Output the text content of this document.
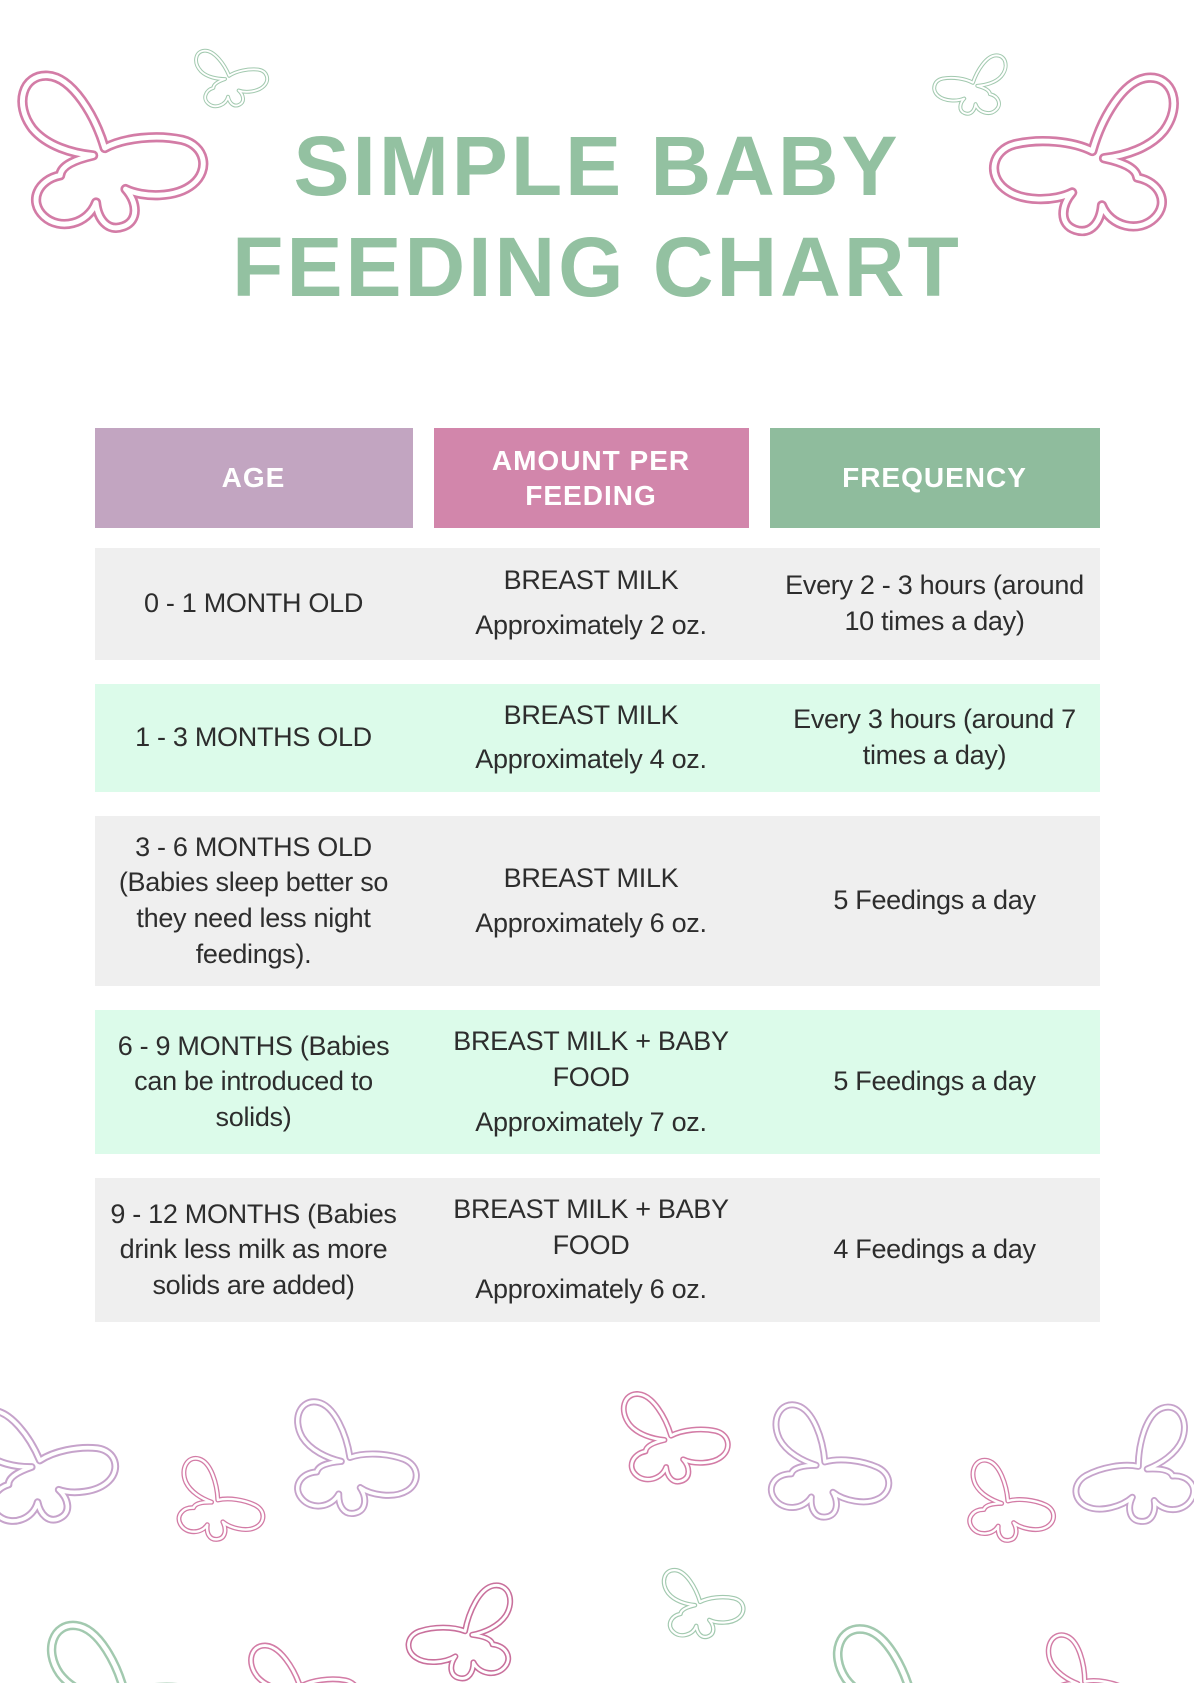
SIMPLE BABY
FEEDING CHART
AGE
AMOUNT PER FEEDING
FREQUENCY
0 - 1 MONTH OLD

BREAST MILK

Approximately 2 oz.

Every 2 - 3 hours (around 10 times a day)
1 - 3 MONTHS OLD

BREAST MILK

Approximately 4 oz.

Every 3 hours (around 7 times a day)
3 - 6 MONTHS OLD (Babies sleep better so they need less night feedings).

BREAST MILK

Approximately 6 oz.

5 Feedings a day
6 - 9 MONTHS (Babies can be introduced to solids)

BREAST MILK + BABY FOOD

Approximately 7 oz.

5 Feedings a day
9 - 12 MONTHS (Babies drink less milk as more solids are added)

BREAST MILK + BABY FOOD

Approximately 6 oz.

4 Feedings a day
